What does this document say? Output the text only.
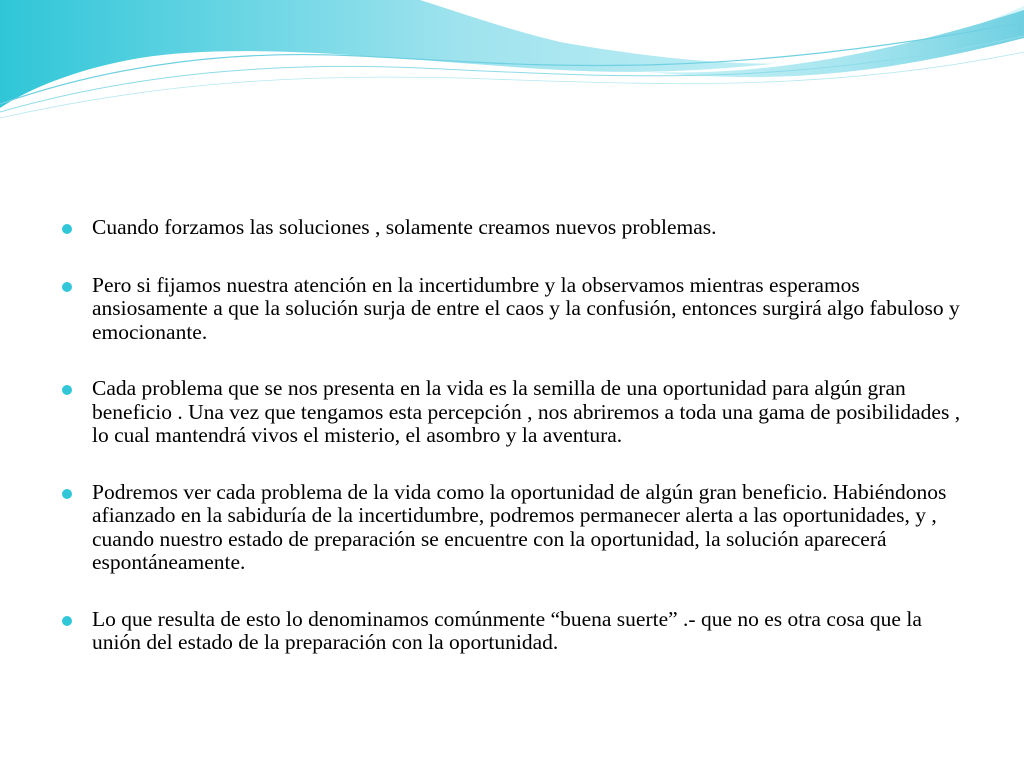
Cuando forzamos las soluciones , solamente creamos nuevos problemas.
Pero si fijamos nuestra atención en la incertidumbre y la observamos mientras esperamos ansiosamente a que la solución surja de entre el caos y la confusión, entonces surgirá algo fabuloso y emocionante.
Cada problema que se nos presenta en la vida es la semilla de una oportunidad para algún gran beneficio . Una vez que tengamos esta percepción , nos abriremos a toda una gama de posibilidades , lo cual mantendrá vivos el misterio, el asombro y la aventura.
Podremos ver cada problema de la vida como la oportunidad de algún gran beneficio. Habiéndonos afianzado en la sabiduría de la incertidumbre, podremos permanecer alerta a las oportunidades, y , cuando nuestro estado de preparación se encuentre con la oportunidad, la solución aparecerá espontáneamente.
Lo que resulta de esto lo denominamos comúnmente “buena suerte” .- que no es otra cosa que la unión del estado de la preparación con la oportunidad.
